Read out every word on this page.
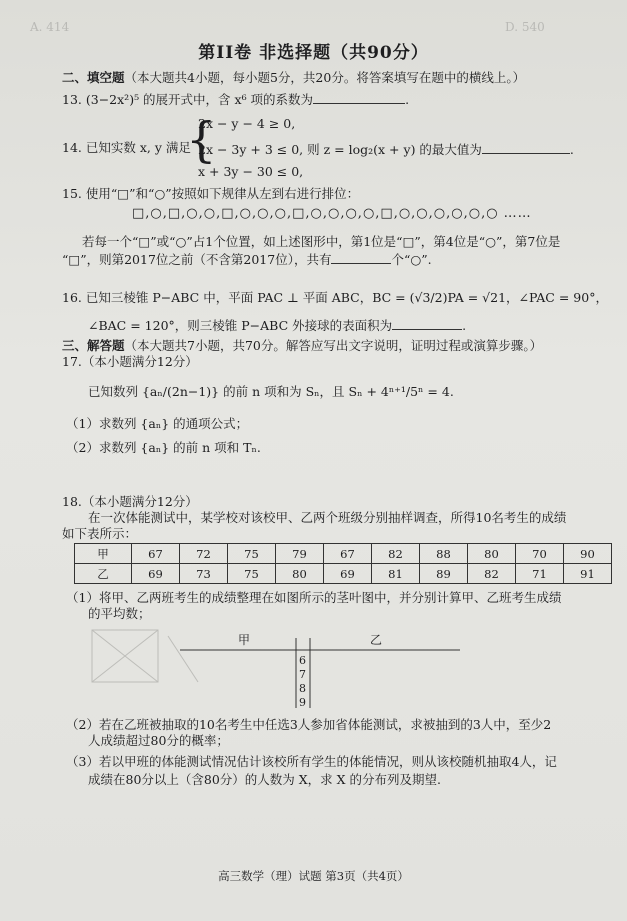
A. 414	D. 540
第II卷 非选择题（共90分）
二、填空题（本大题共4小题，每小题5分，共20分。将答案填写在题中的横线上。）
13. (3−2x²)⁵ 的展开式中，含 x⁶ 项的系数为	.
14. 已知实数 x, y 满足
{
2x − y − 4 ≥ 0,
2x − 3y + 3 ≤ 0, 则 z = log₂(x + y) 的最大值为	.
x + 3y − 30 ≤ 0,
15. 使用“□”和“○”按照如下规律从左到右进行排位：
□,○,□,○,○,□,○,○,○,□,○,○,○,○,□,○,○,○,○,○,○ ……
若每一个“□”或“○”占1个位置，如上述图形中，第1位是“□”，第4位是“○”，第7位是
“□”，则第2017位之前（不含第2017位），共有	个“○”.
16. 已知三棱锥 P−ABC 中，平面 PAC ⊥ 平面 ABC，BC = (√3/2)PA = √21，∠PAC = 90°，
∠BAC = 120°，则三棱锥 P−ABC 外接球的表面积为	.
三、解答题（本大题共7小题，共70分。解答应写出文字说明，证明过程或演算步骤。）
17.（本小题满分12分）
已知数列 {aₙ/(2n−1)} 的前 n 项和为 Sₙ，且 Sₙ + 4ⁿ⁺¹/5ⁿ = 4.
（1）求数列 {aₙ} 的通项公式；
（2）求数列 {aₙ} 的前 n 项和 Tₙ.
18.（本小题满分12分）
在一次体能测试中，某学校对该校甲、乙两个班级分别抽样调查，所得10名考生的成绩
如下表所示：
甲	67	72	75	79	67	82	88	80	70	90
乙	69	73	75	80	69	81	89	82	71	91
（1）将甲、乙两班考生的成绩整理在如图所示的茎叶图中，并分别计算甲、乙班考生成绩
的平均数；
甲	乙
6
7
8
9
（2）若在乙班被抽取的10名考生中任选3人参加省体能测试，求被抽到的3人中，至少2
人成绩超过80分的概率；
（3）若以甲班的体能测试情况估计该校所有学生的体能情况，则从该校随机抽取4人，记
成绩在80分以上（含80分）的人数为 X，求 X 的分布列及期望.
高三数学（理）试题 第3页（共4页）
